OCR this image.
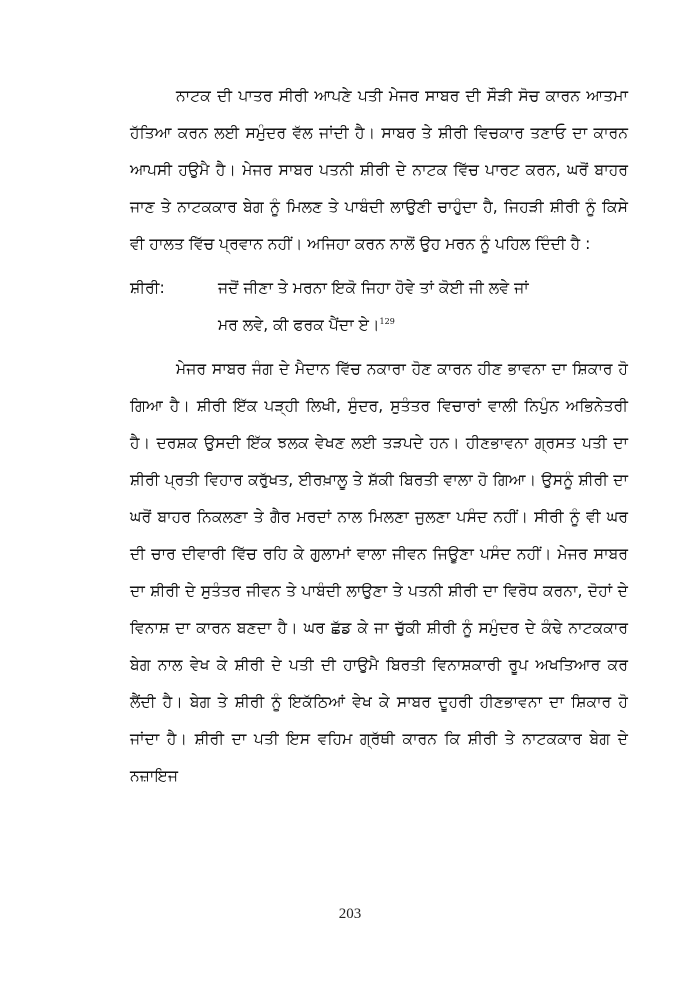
ਨਾਟਕ ਦੀ ਪਾਤਰ ਸੀਰੀ ਆਪਣੇ ਪਤੀ ਮੇਜਰ ਸਾਬਰ ਦੀ ਸੌੜੀ ਸੋਚ ਕਾਰਨ ਆਤਮਾ ਹੱਤਿਆ ਕਰਨ ਲਈ ਸਮੁੰਦਰ ਵੱਲ ਜਾਂਦੀ ਹੈ। ਸਾਬਰ ਤੇ ਸ਼ੀਰੀ ਵਿਚਕਾਰ ਤਣਾਓ ਦਾ ਕਾਰਨ ਆਪਸੀ ਹਉਮੈ ਹੈ। ਮੇਜਰ ਸਾਬਰ ਪਤਨੀ ਸ਼ੀਰੀ ਦੇ ਨਾਟਕ ਵਿੱਚ ਪਾਰਟ ਕਰਨ, ਘਰੋਂ ਬਾਹਰ ਜਾਣ ਤੇ ਨਾਟਕਕਾਰ ਬੇਗ ਨੂੰ ਮਿਲਣ ਤੇ ਪਾਬੰਦੀ ਲਾਉਣੀ ਚਾਹੁੰਦਾ ਹੈ, ਜਿਹੜੀ ਸ਼ੀਰੀ ਨੂੰ ਕਿਸੇ ਵੀ ਹਾਲਤ ਵਿੱਚ ਪ੍ਰਵਾਨ ਨਹੀਂ। ਅਜਿਹਾ ਕਰਨ ਨਾਲੋਂ ਉਹ ਮਰਨ ਨੂੰ ਪਹਿਲ ਦਿੰਦੀ ਹੈ :

ਸ਼ੀਰੀ:	ਜਦੋਂ ਜੀਣਾ ਤੇ ਮਰਨਾ ਇਕੋ ਜਿਹਾ ਹੋਵੇ ਤਾਂ ਕੋਈ ਜੀ ਲਵੇ ਜਾਂ
ਮਰ ਲਵੇ, ਕੀ ਫਰਕ ਪੈਂਦਾ ਏ।$^{129}$

ਮੇਜਰ ਸਾਬਰ ਜੰਗ ਦੇ ਮੈਦਾਨ ਵਿੱਚ ਨਕਾਰਾ ਹੋਣ ਕਾਰਨ ਹੀਣ ਭਾਵਨਾ ਦਾ ਸ਼ਿਕਾਰ ਹੋ ਗਿਆ ਹੈ। ਸ਼ੀਰੀ ਇੱਕ ਪੜ੍ਹੀ ਲਿਖੀ, ਸੁੰਦਰ, ਸੁਤੰਤਰ ਵਿਚਾਰਾਂ ਵਾਲੀ ਨਿਪੁੰਨ ਅਭਿਨੇਤਰੀ ਹੈ। ਦਰਸ਼ਕ ਉਸਦੀ ਇੱਕ ਝਲਕ ਵੇਖਣ ਲਈ ਤੜਪਦੇ ਹਨ। ਹੀਣਭਾਵਨਾ ਗ੍ਰਸਤ ਪਤੀ ਦਾ ਸ਼ੀਰੀ ਪ੍ਰਤੀ ਵਿਹਾਰ ਕਰੁੱਖਤ, ਈਰਖ਼ਾਲੂ ਤੇ ਸ਼ੱਕੀ ਬਿਰਤੀ ਵਾਲਾ ਹੋ ਗਿਆ। ਉਸਨੂੰ ਸ਼ੀਰੀ ਦਾ ਘਰੋਂ ਬਾਹਰ ਨਿਕਲਣਾ ਤੇ ਗੈਰ ਮਰਦਾਂ ਨਾਲ ਮਿਲਣਾ ਜੁਲਣਾ ਪਸੰਦ ਨਹੀਂ। ਸੀਰੀ ਨੂੰ ਵੀ ਘਰ ਦੀ ਚਾਰ ਦੀਵਾਰੀ ਵਿੱਚ ਰਹਿ ਕੇ ਗੁਲਾਮਾਂ ਵਾਲਾ ਜੀਵਨ ਜਿਊਣਾ ਪਸੰਦ ਨਹੀਂ। ਮੇਜਰ ਸਾਬਰ ਦਾ ਸ਼ੀਰੀ ਦੇ ਸੁਤੰਤਰ ਜੀਵਨ ਤੇ ਪਾਬੰਦੀ ਲਾਉਣਾ ਤੇ ਪਤਨੀ ਸ਼ੀਰੀ ਦਾ ਵਿਰੋਧ ਕਰਨਾ, ਦੋਹਾਂ ਦੇ ਵਿਨਾਸ਼ ਦਾ ਕਾਰਨ ਬਣਦਾ ਹੈ। ਘਰ ਛੱਡ ਕੇ ਜਾ ਚੁੱਕੀ ਸ਼ੀਰੀ ਨੂੰ ਸਮੁੰਦਰ ਦੇ ਕੰਢੇ ਨਾਟਕਕਾਰ ਬੇਗ ਨਾਲ ਵੇਖ ਕੇ ਸ਼ੀਰੀ ਦੇ ਪਤੀ ਦੀ ਹਾਉਮੈ ਬਿਰਤੀ ਵਿਨਾਸ਼ਕਾਰੀ ਰੂਪ ਅਖਤਿਆਰ ਕਰ ਲੈਂਦੀ ਹੈ। ਬੇਗ ਤੇ ਸ਼ੀਰੀ ਨੂੰ ਇਕੱਠਿਆਂ ਵੇਖ ਕੇ ਸਾਬਰ ਦੂਹਰੀ ਹੀਣਭਾਵਨਾ ਦਾ ਸ਼ਿਕਾਰ ਹੋ ਜਾਂਦਾ ਹੈ। ਸ਼ੀਰੀ ਦਾ ਪਤੀ ਇਸ ਵਹਿਮ ਗ੍ਰੱਥੀ ਕਾਰਨ ਕਿ ਸ਼ੀਰੀ ਤੇ ਨਾਟਕਕਾਰ ਬੇਗ ਦੇ ਨਜ਼ਾਇਜ

203
